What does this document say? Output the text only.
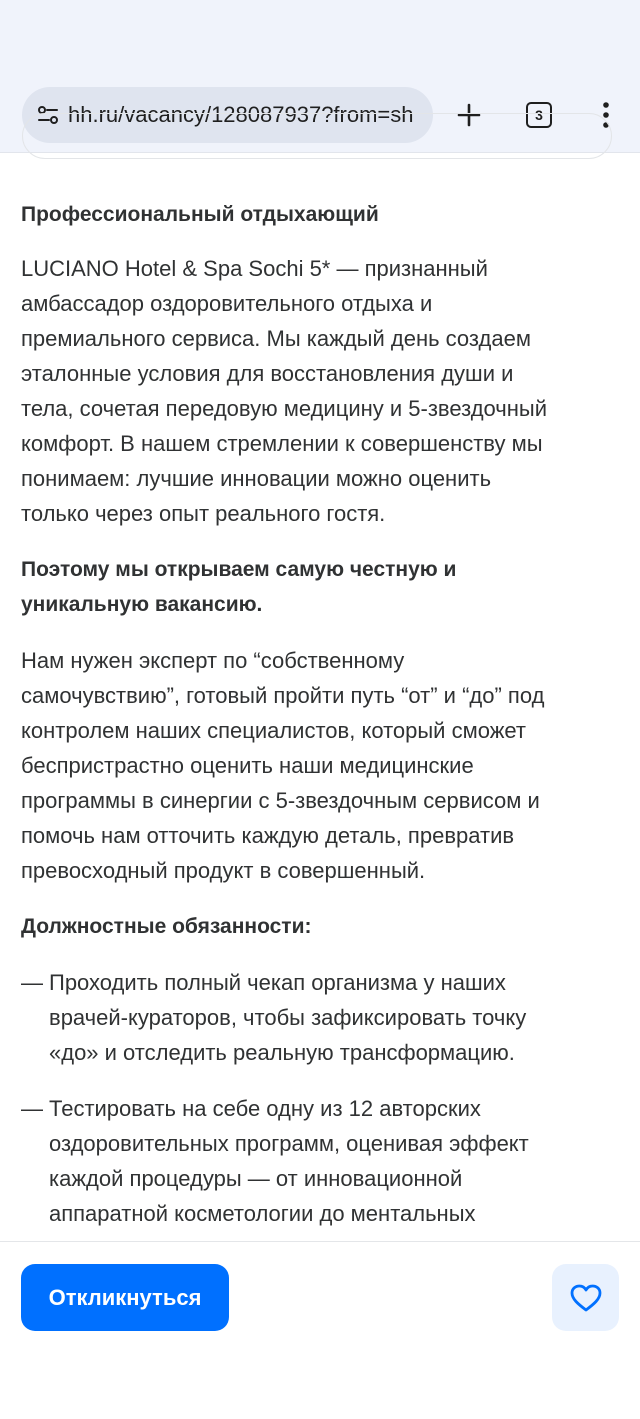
hh.ru/vacancy/128087937?from=sh	3
Профессиональный отдыхающий
LUCIANO Hotel & Spa Sochi 5* — признанный
амбассадор оздоровительного отдыха и
премиального сервиса. Мы каждый день создаем
эталонные условия для восстановления души и
тела, сочетая передовую медицину и 5-звездочный
комфорт. В нашем стремлении к совершенству мы
понимаем: лучшие инновации можно оценить
только через опыт реального гостя.
Поэтому мы открываем самую честную и
уникальную вакансию.
Нам нужен эксперт по “собственному
самочувствию”, готовый пройти путь “от” и “до” под
контролем наших специалистов, который сможет
беспристрастно оценить наши медицинские
программы в синергии с 5-звездочным сервисом и
помочь нам отточить каждую деталь, превратив
превосходный продукт в совершенный.
Должностные обязанности:
— Проходить полный чекап организма у наших
врачей-кураторов, чтобы зафиксировать точку
«до» и отследить реальную трансформацию.
— Тестировать на себе одну из 12 авторских
оздоровительных программ, оценивая эффект
каждой процедуры — от инновационной
аппаратной косметологии до ментальных
Откликнуться
